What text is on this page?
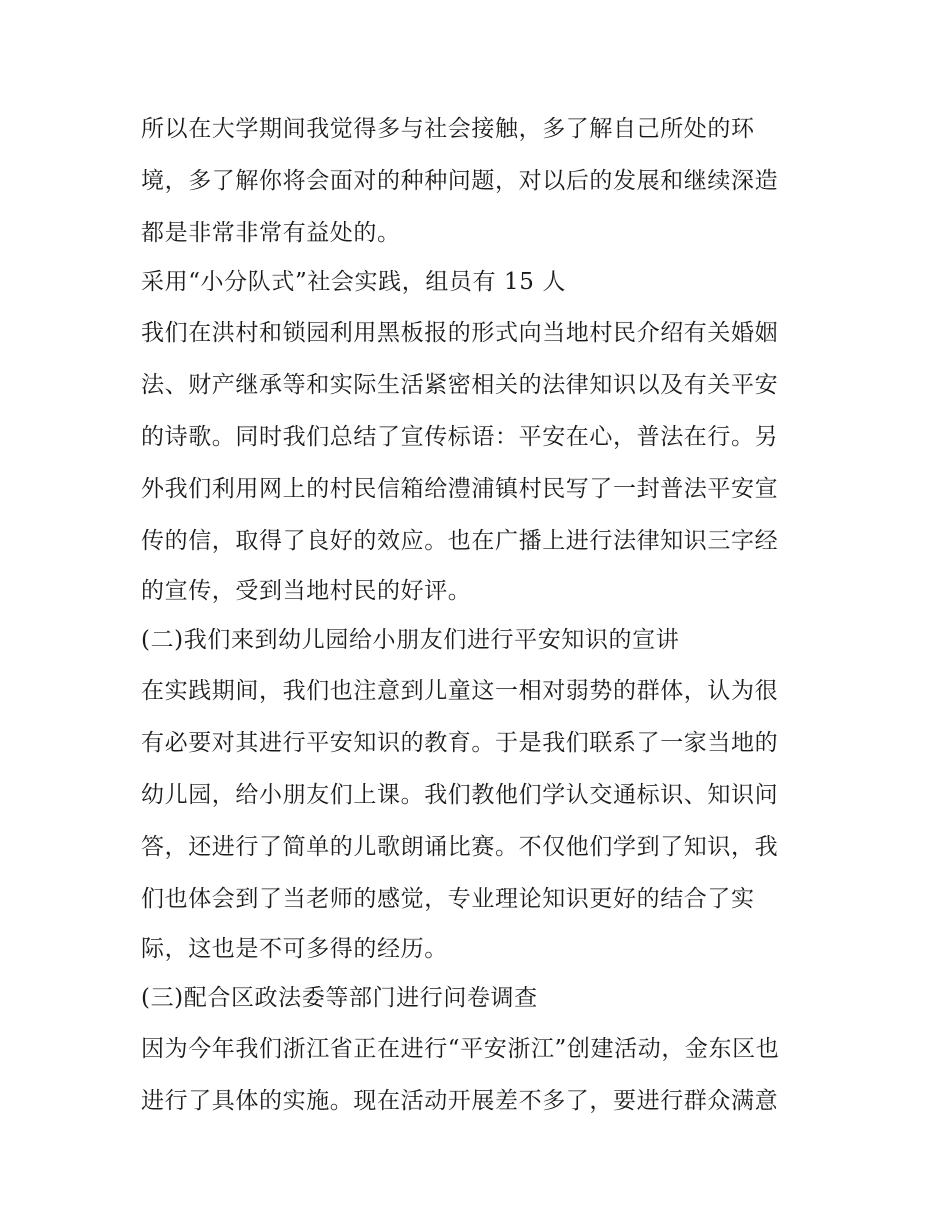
所以在大学期间我觉得多与社会接触，多了解自己所处的环
境，多了解你将会面对的种种问题，对以后的发展和继续深造
都是非常非常有益处的。
采用“小分队式”社会实践，组员有 15 人
我们在洪村和锁园利用黑板报的形式向当地村民介绍有关婚姻
法、财产继承等和实际生活紧密相关的法律知识以及有关平安
的诗歌。同时我们总结了宣传标语：平安在心，普法在行。另
外我们利用网上的村民信箱给澧浦镇村民写了一封普法平安宣
传的信，取得了良好的效应。也在广播上进行法律知识三字经
的宣传，受到当地村民的好评。
(二)我们来到幼儿园给小朋友们进行平安知识的宣讲
在实践期间，我们也注意到儿童这一相对弱势的群体，认为很
有必要对其进行平安知识的教育。于是我们联系了一家当地的
幼儿园，给小朋友们上课。我们教他们学认交通标识、知识问
答，还进行了简单的儿歌朗诵比赛。不仅他们学到了知识，我
们也体会到了当老师的感觉，专业理论知识更好的结合了实
际，这也是不可多得的经历。
(三)配合区政法委等部门进行问卷调查
因为今年我们浙江省正在进行“平安浙江”创建活动，金东区也
进行了具体的实施。现在活动开展差不多了，要进行群众满意
